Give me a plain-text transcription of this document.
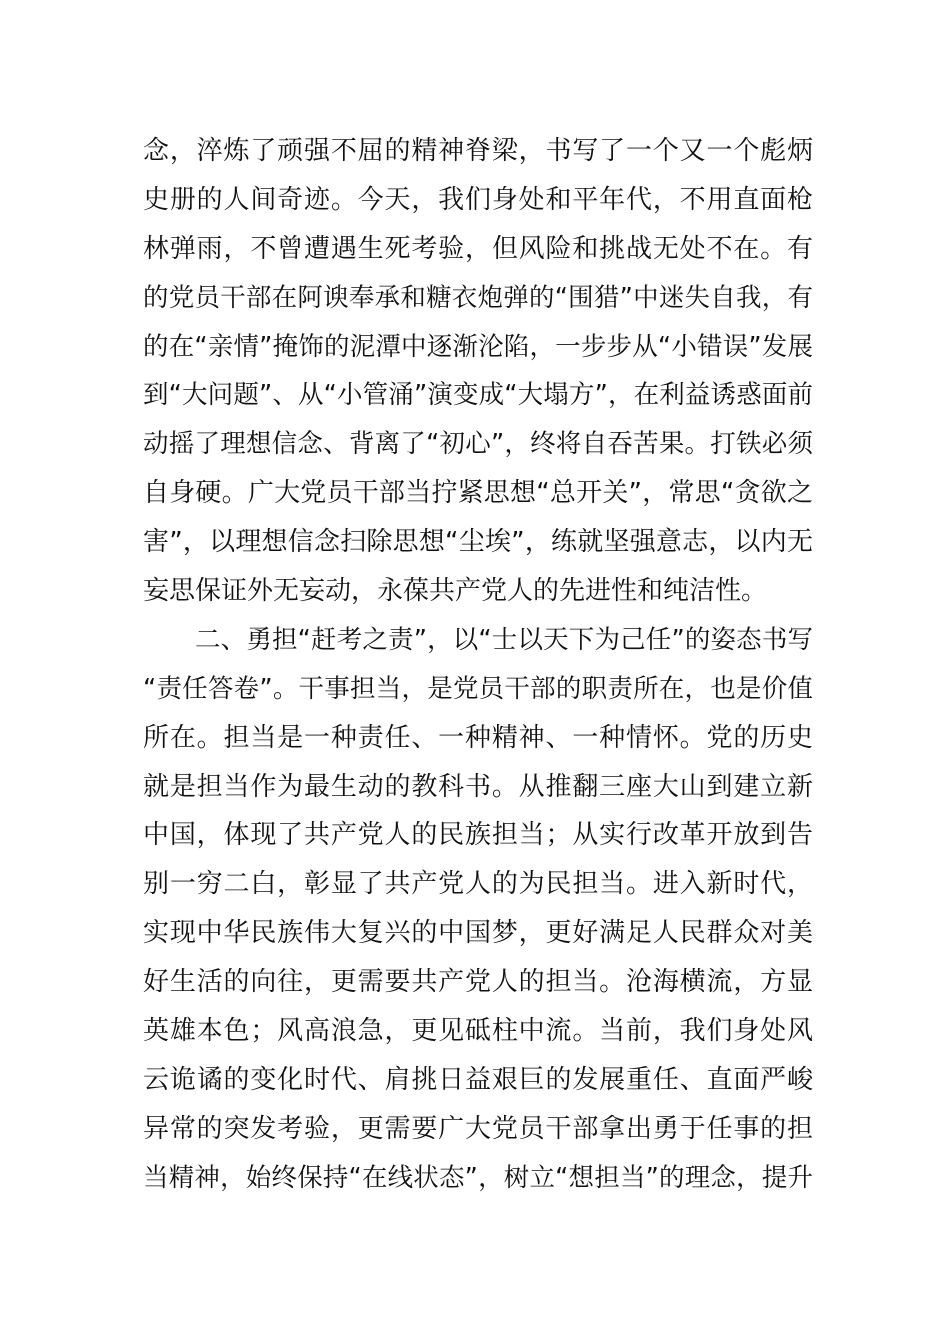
念，淬炼了顽强不屈的精神脊梁，书写了一个又一个彪炳
史册的人间奇迹。今天，我们身处和平年代，不用直面枪
林弹雨，不曾遭遇生死考验，但风险和挑战无处不在。有
的党员干部在阿谀奉承和糖衣炮弹的“围猎”中迷失自我，有
的在“亲情”掩饰的泥潭中逐渐沦陷，一步步从“小错误”发展
到“大问题”、从“小管涌”演变成“大塌方”，在利益诱惑面前
动摇了理想信念、背离了“初心”，终将自吞苦果。打铁必须
自身硬。广大党员干部当拧紧思想“总开关”，常思“贪欲之
害”，以理想信念扫除思想“尘埃”，练就坚强意志，以内无
妄思保证外无妄动，永葆共产党人的先进性和纯洁性。
二、勇担“赶考之责”，以“士以天下为己任”的姿态书写
“责任答卷”。干事担当，是党员干部的职责所在，也是价值
所在。担当是一种责任、一种精神、一种情怀。党的历史
就是担当作为最生动的教科书。从推翻三座大山到建立新
中国，体现了共产党人的民族担当；从实行改革开放到告
别一穷二白，彰显了共产党人的为民担当。进入新时代，
实现中华民族伟大复兴的中国梦，更好满足人民群众对美
好生活的向往，更需要共产党人的担当。沧海横流，方显
英雄本色；风高浪急，更见砥柱中流。当前，我们身处风
云诡谲的变化时代、肩挑日益艰巨的发展重任、直面严峻
异常的突发考验，更需要广大党员干部拿出勇于任事的担
当精神，始终保持“在线状态”，树立“想担当”的理念，提升
